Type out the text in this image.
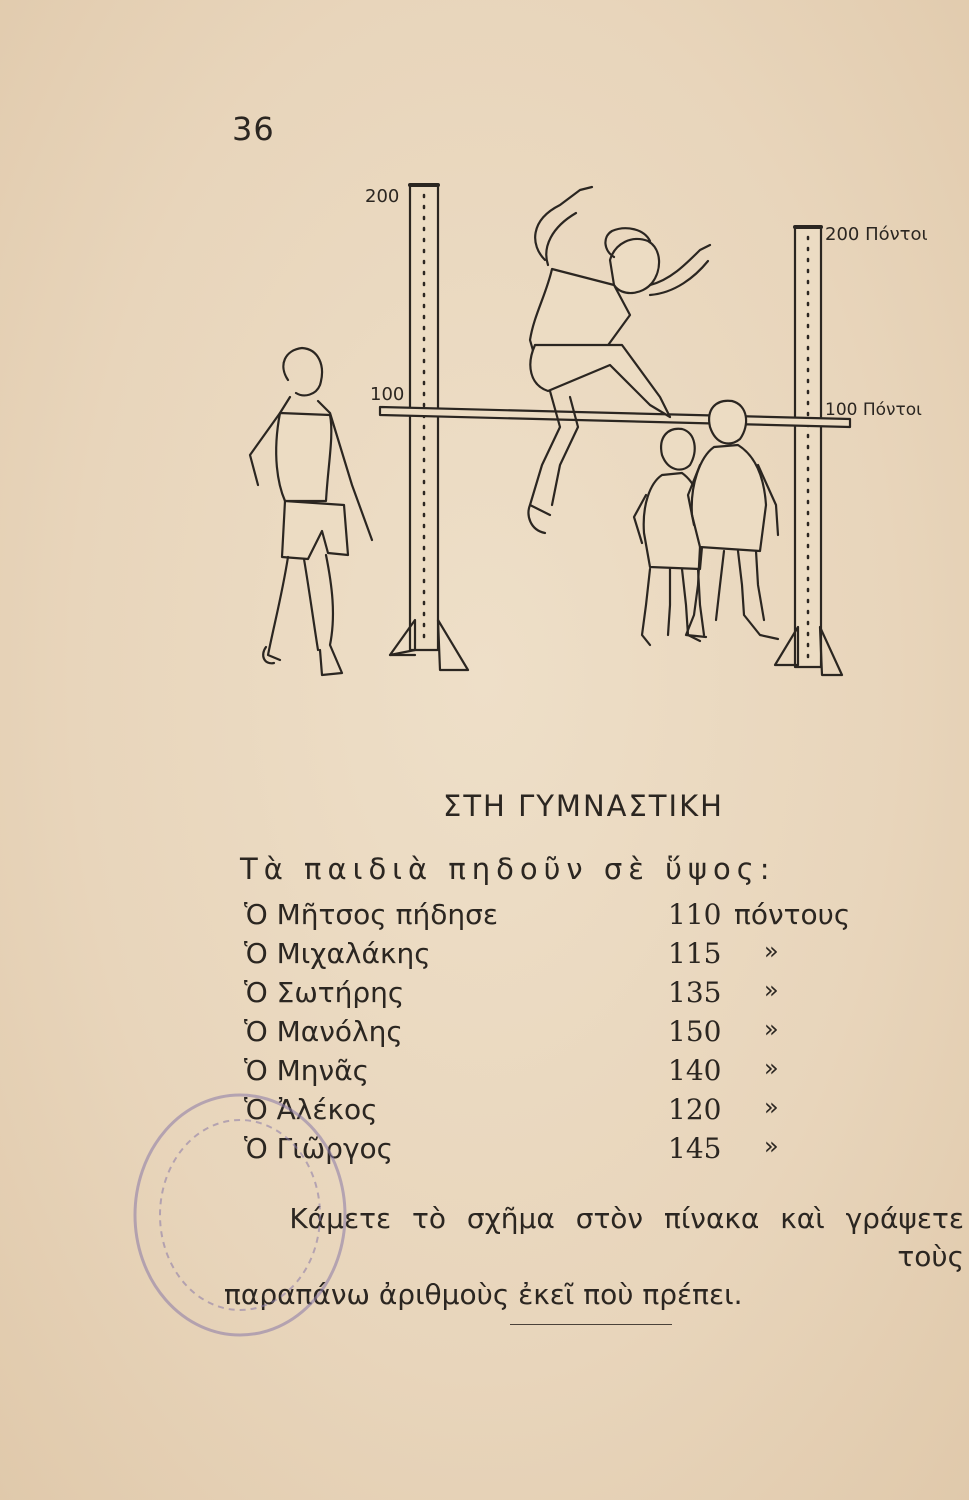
36
200
100
200 Πόντοι
100 Πόντοι
ΣΤΗ ΓΥΜΝΑΣΤΙΚΗ
Τὰ παιδιὰ πηδοῦν σὲ ὕψος:
Ὁ Μῆτσος πήδησε	110 πόντους
Ὁ Μιχαλάκης	115 »
Ὁ Σωτήρης	135 »
Ὁ Μανόλης	150 »
Ὁ Μηνᾶς	140 »
Ὁ Ἀλέκος	120 »
Ὁ Γιῶργος	145 »
Κάμετε τὸ σχῆμα στὸν πίνακα καὶ γράψετε τοὺς
παραπάνω ἀριθμοὺς ἐκεῖ ποὺ πρέπει.
